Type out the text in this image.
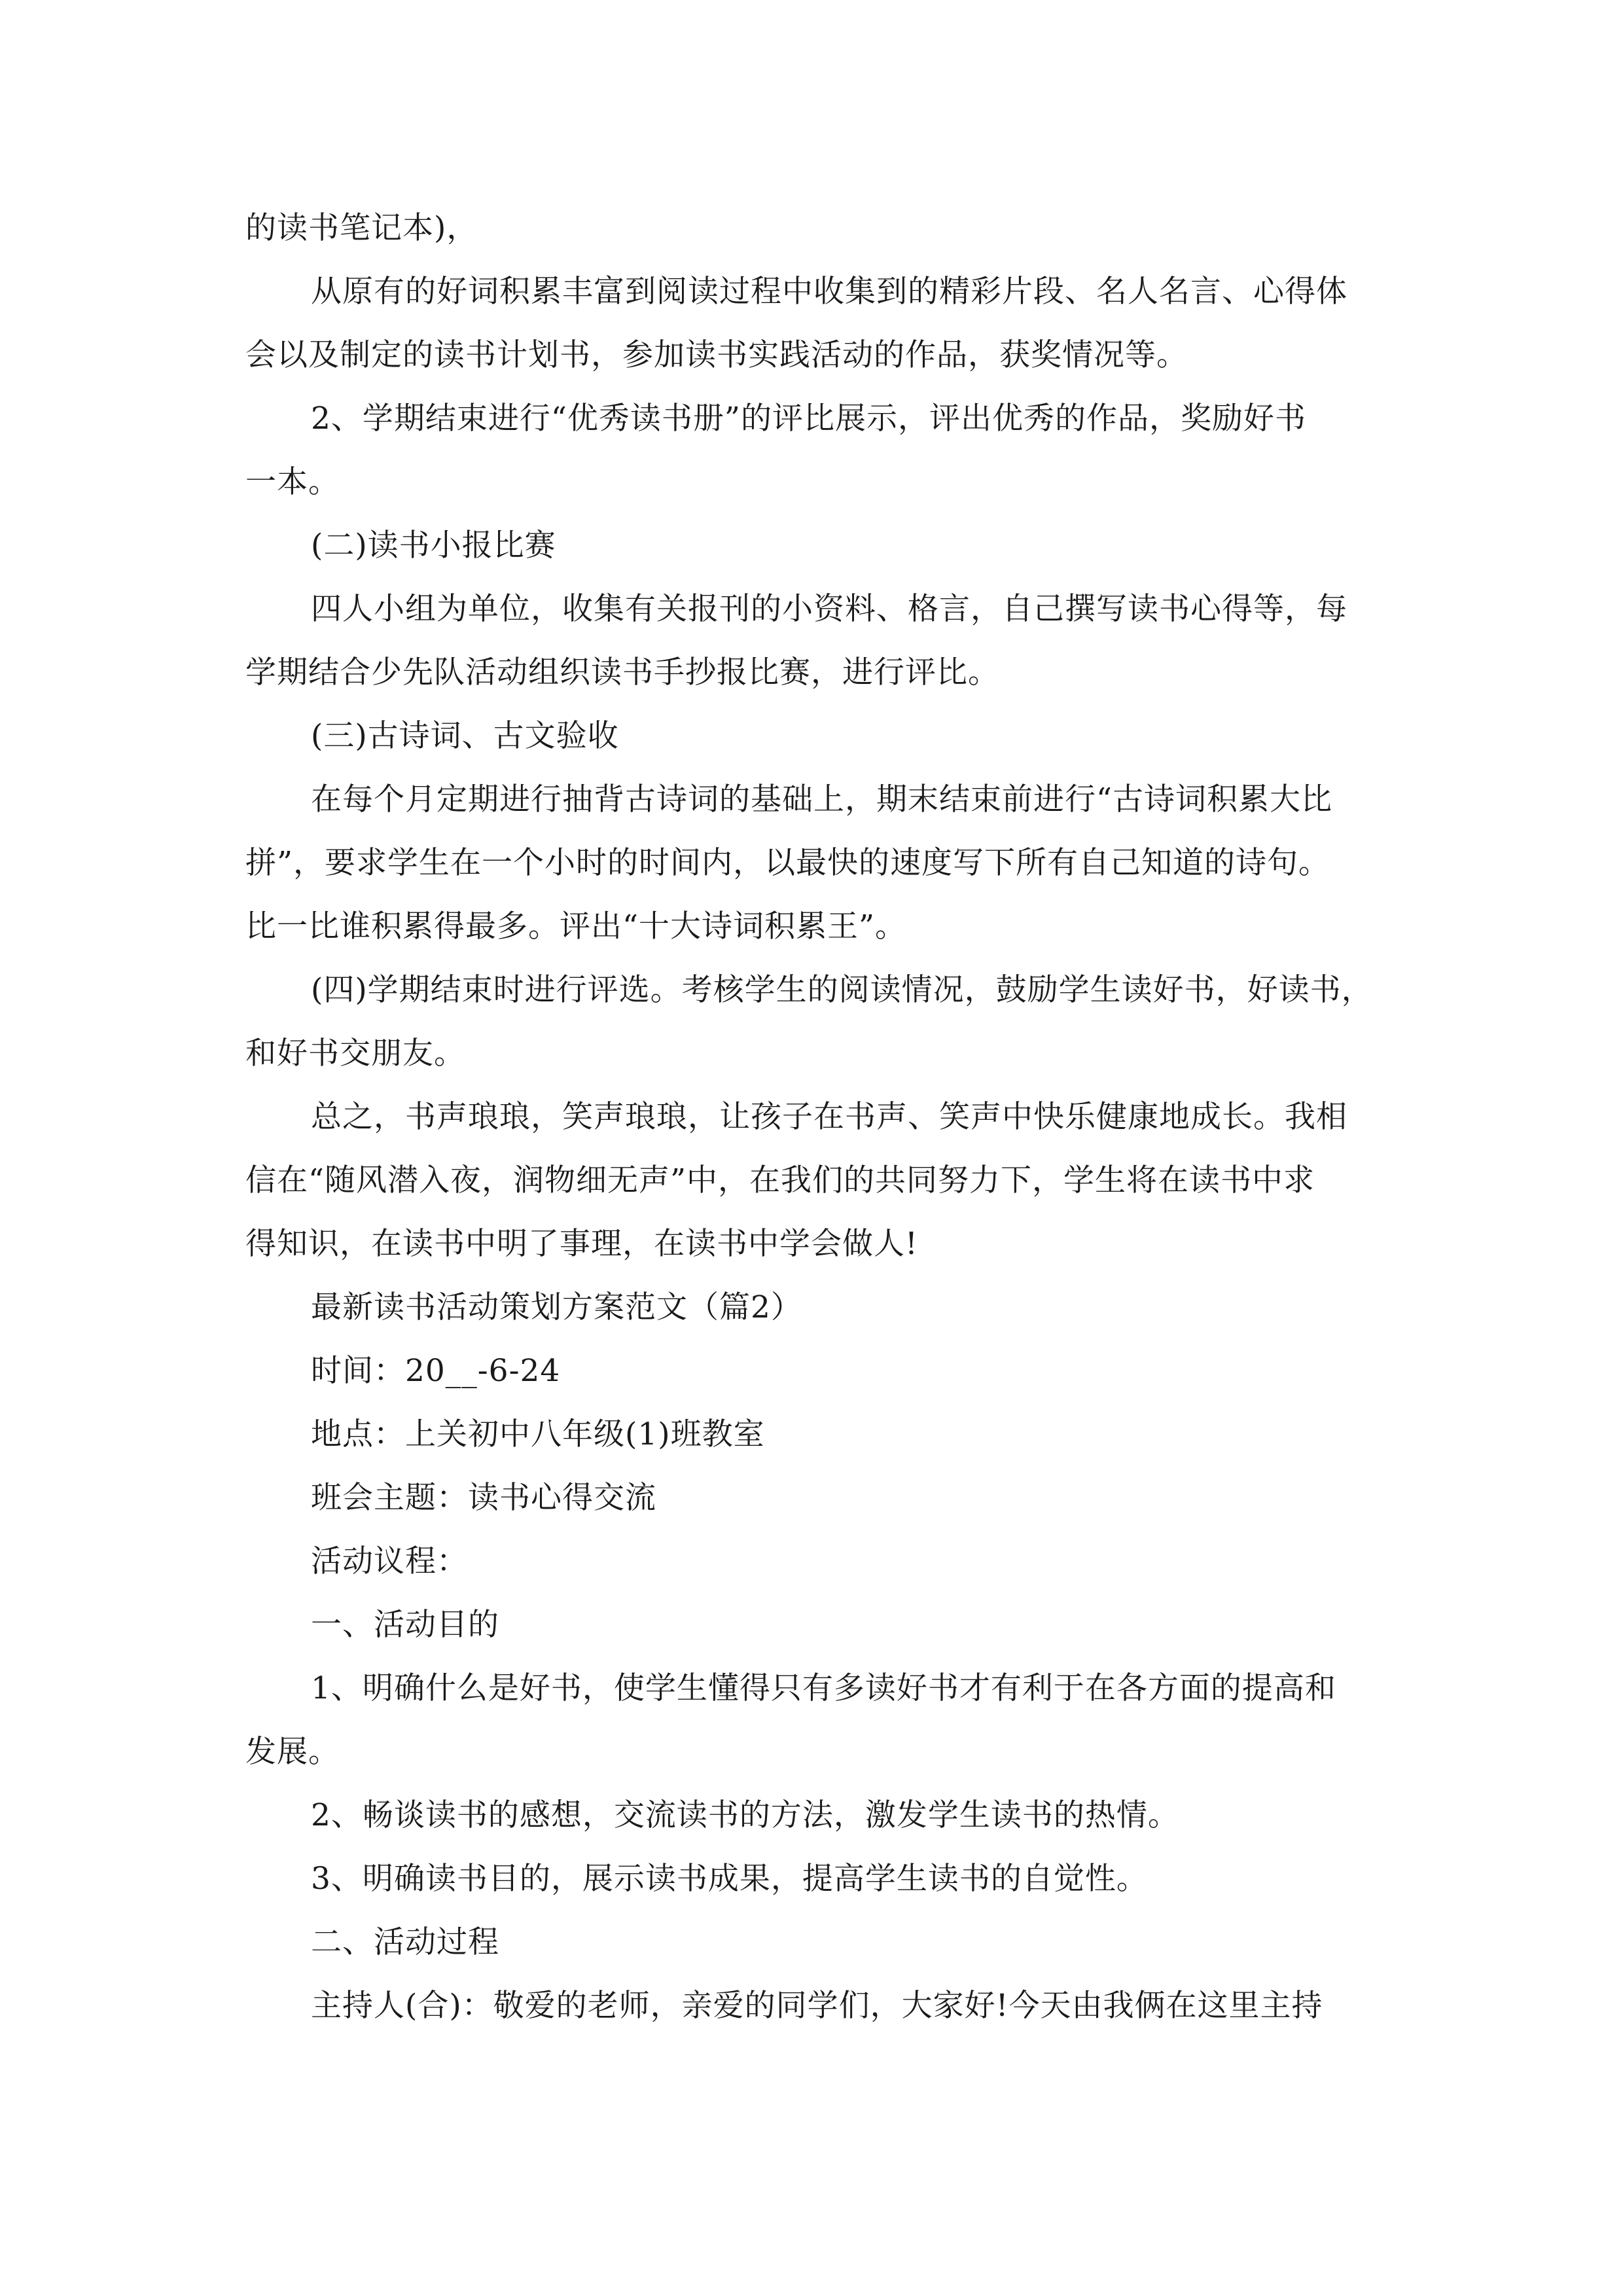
的读书笔记本)，
从原有的好词积累丰富到阅读过程中收集到的精彩片段、名人名言、心得体
会以及制定的读书计划书，参加读书实践活动的作品，获奖情况等。
2、学期结束进行“优秀读书册”的评比展示，评出优秀的作品，奖励好书
一本。
(二)读书小报比赛
四人小组为单位，收集有关报刊的小资料、格言，自己撰写读书心得等，每
学期结合少先队活动组织读书手抄报比赛，进行评比。
(三)古诗词、古文验收
在每个月定期进行抽背古诗词的基础上，期末结束前进行“古诗词积累大比
拼”，要求学生在一个小时的时间内，以最快的速度写下所有自己知道的诗句。
比一比谁积累得最多。评出“十大诗词积累王”。
(四)学期结束时进行评选。考核学生的阅读情况，鼓励学生读好书，好读书，
和好书交朋友。
总之，书声琅琅，笑声琅琅，让孩子在书声、笑声中快乐健康地成长。我相
信在“随风潜入夜，润物细无声”中，在我们的共同努力下，学生将在读书中求
得知识，在读书中明了事理，在读书中学会做人!
最新读书活动策划方案范文（篇2）
时间：20__-6-24
地点：上关初中八年级(1)班教室
班会主题：读书心得交流
活动议程：
一、活动目的
1、明确什么是好书，使学生懂得只有多读好书才有利于在各方面的提高和
发展。
2、畅谈读书的感想，交流读书的方法，激发学生读书的热情。
3、明确读书目的，展示读书成果，提高学生读书的自觉性。
二、活动过程
主持人(合)：敬爱的老师，亲爱的同学们，大家好!今天由我俩在这里主持
